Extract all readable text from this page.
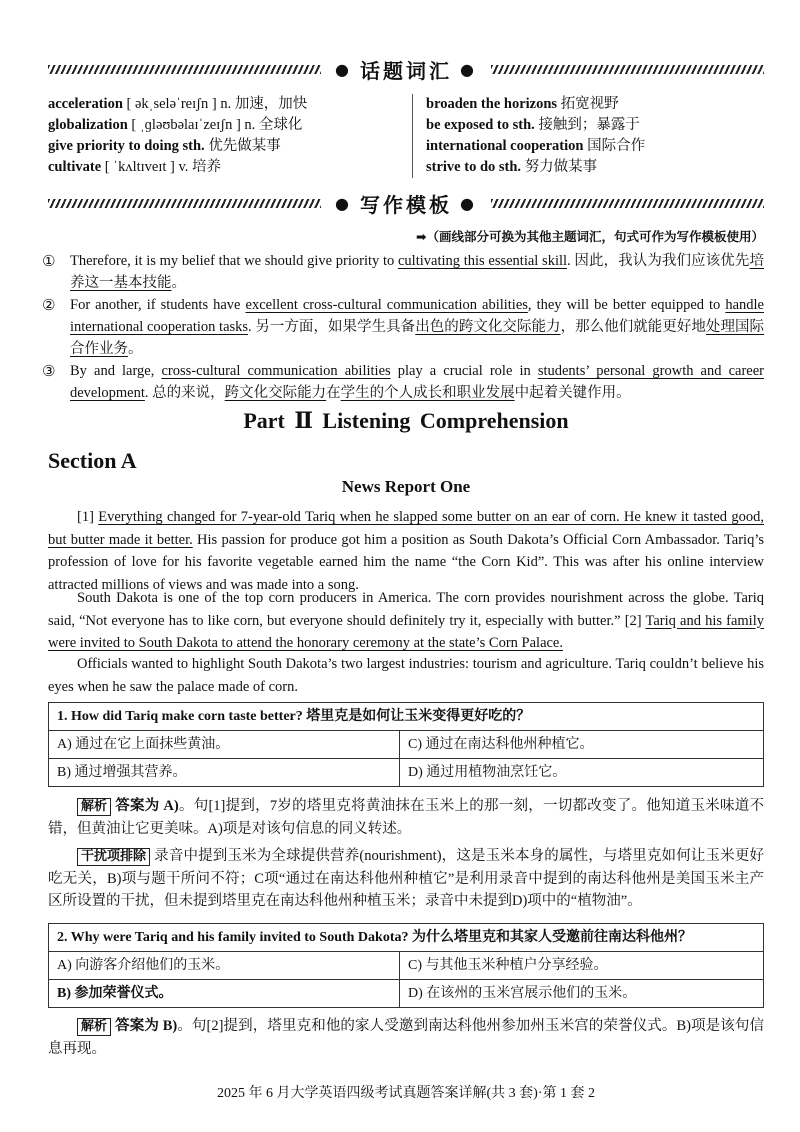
● 话题词汇 ●
acceleration [ əkˌseləˈreɪʃn ] n. 加速，加快
globalization [ ˌɡləʊbəlaɪˈzeɪʃn ] n. 全球化
give priority to doing sth. 优先做某事
cultivate [ ˈkʌltɪveɪt ] v. 培养
broaden the horizons 拓宽视野
be exposed to sth. 接触到；暴露于
international cooperation 国际合作
strive to do sth. 努力做某事
● 写作模板 ●
➡（画线部分可换为其他主题词汇，句式可作为写作模板使用）
① Therefore, it is my belief that we should give priority to cultivating this essential skill. 因此，我认为我们应该优先培养这一基本技能。
② For another, if students have excellent cross-cultural communication abilities, they will be better equipped to handle international cooperation tasks. 另一方面，如果学生具备出色的跨文化交际能力，那么他们就能更好地处理国际合作业务。
③ By and large, cross-cultural communication abilities play a crucial role in students’ personal growth and career development. 总的来说，跨文化交际能力在学生的个人成长和职业发展中起着关键作用。
Part Ⅱ Listening Comprehension
Section A
News Report One
[1] Everything changed for 7-year-old Tariq when he slapped some butter on an ear of corn. He knew it tasted good, but butter made it better. His passion for produce got him a position as South Dakota’s Official Corn Ambassador. Tariq’s profession of love for his favorite vegetable earned him the name “the Corn Kid”. This was after his online interview attracted millions of views and was made into a song.
South Dakota is one of the top corn producers in America. The corn provides nourishment across the globe. Tariq said, “Not everyone has to like corn, but everyone should definitely try it, especially with butter.” [2] Tariq and his family were invited to South Dakota to attend the honorary ceremony at the state’s Corn Palace.
Officials wanted to highlight South Dakota’s two largest industries: tourism and agriculture. Tariq couldn’t believe his eyes when he saw the palace made of corn.
1. How did Tariq make corn taste better? 塔里克是如何让玉米变得更好吃的？
A) 通过在它上面抹些黄油。	C) 通过在南达科他州种植它。
B) 通过增强其营养。	D) 通过用植物油烹饪它。
解析 答案为 A)。句[1]提到，7岁的塔里克将黄油抹在玉米上的那一刻，一切都改变了。他知道玉米味道不错，但黄油让它更美味。A)项是对该句信息的同义转述。
干扰项排除 录音中提到玉米为全球提供营养(nourishment)，这是玉米本身的属性，与塔里克如何让玉米更好吃无关，B)项与题干所问不符；C项“通过在南达科他州种植它”是利用录音中提到的南达科他州是美国玉米主产区所设置的干扰，但未提到塔里克在南达科他州种植玉米；录音中未提到D)项中的“植物油”。
2. Why were Tariq and his family invited to South Dakota? 为什么塔里克和其家人受邀前往南达科他州？
A) 向游客介绍他们的玉米。	C) 与其他玉米种植户分享经验。
B) 参加荣誉仪式。	D) 在该州的玉米宫展示他们的玉米。
解析 答案为 B)。句[2]提到，塔里克和他的家人受邀到南达科他州参加州玉米宫的荣誉仪式。B)项是该句信息再现。
2025 年 6 月大学英语四级考试真题答案详解(共 3 套)·第 1 套 2
